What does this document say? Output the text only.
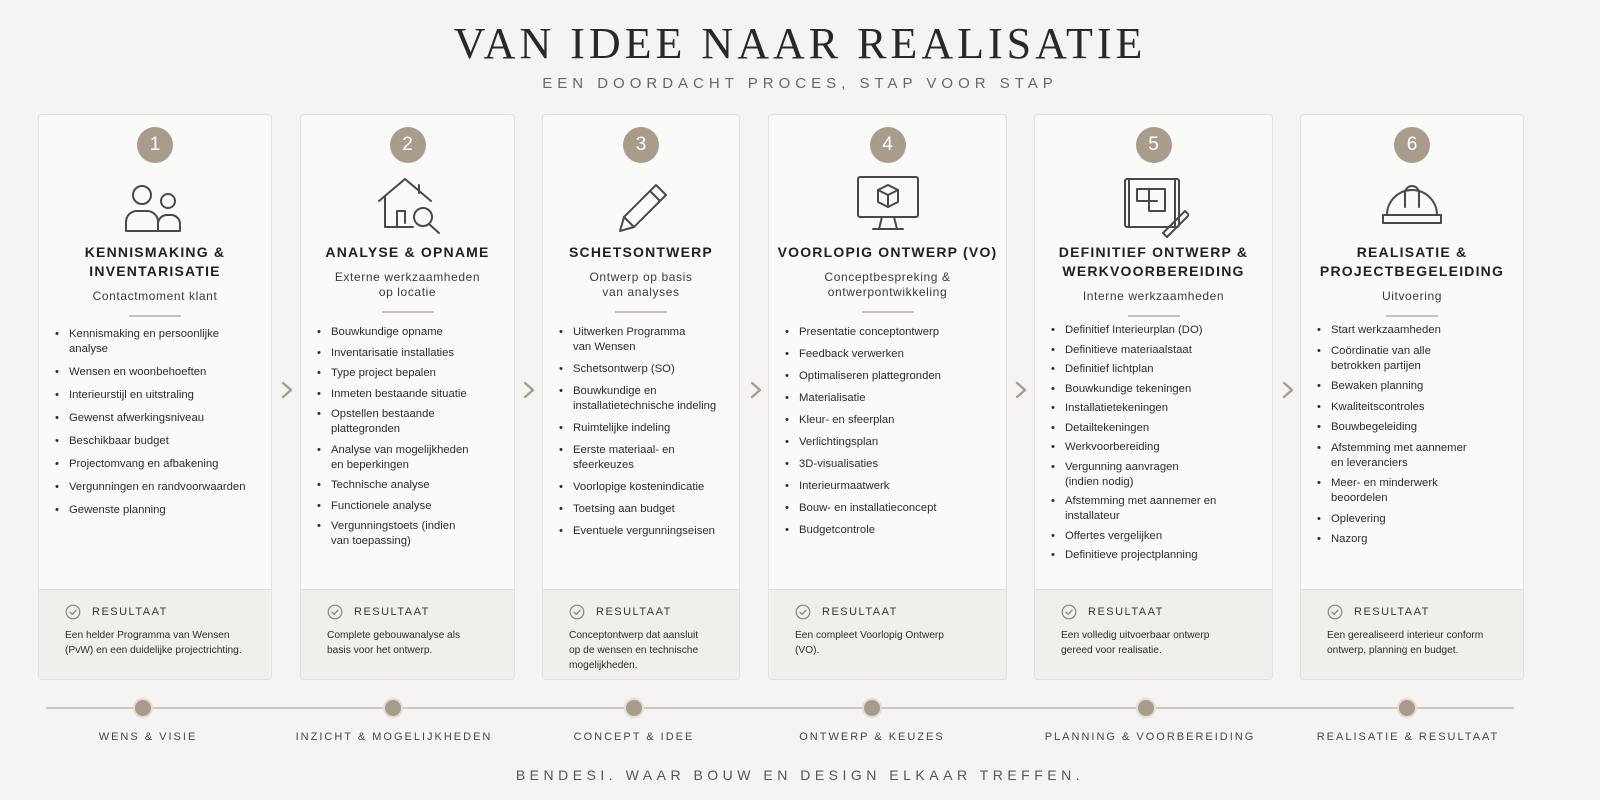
VAN IDEE NAAR REALISATIE
EEN DOORDACHT PROCES, STAP VOOR STAP
1
KENNISMAKING &
INVENTARISATIE
Contactmoment klant
• Kennismaking en persoonlijke analyse
• Wensen en woonbehoeften
• Interieurstijl en uitstraling
• Gewenst afwerkingsniveau
• Beschikbaar budget
• Projectomvang en afbakening
• Vergunningen en randvoorwaarden
• Gewenste planning
RESULTAAT
Een helder Programma van Wensen
(PvW) en een duidelijke projectrichting.
2
ANALYSE & OPNAME
Externe werkzaamheden
op locatie
• Bouwkundige opname
• Inventarisatie installaties
• Type project bepalen
• Inmeten bestaande situatie
• Opstellen bestaande
plattegronden
• Analyse van mogelijkheden
en beperkingen
• Technische analyse
• Functionele analyse
• Vergunningstoets (indien
van toepassing)
RESULTAAT
Complete gebouwanalyse als
basis voor het ontwerp.
3
SCHETSONTWERP
Ontwerp op basis
van analyses
• Uitwerken Programma
van Wensen
• Schetsontwerp (SO)
• Bouwkundige en
installatietechnische indeling
• Ruimtelijke indeling
• Eerste materiaal- en
sfeerkeuzes
• Voorlopige kostenindicatie
• Toetsing aan budget
• Eventuele vergunningseisen
RESULTAAT
Conceptontwerp dat aansluit
op de wensen en technische
mogelijkheden.
4
VOORLOPIG ONTWERP (VO)
Conceptbespreking &
ontwerpontwikkeling
• Presentatie conceptontwerp
• Feedback verwerken
• Optimaliseren plattegronden
• Materialisatie
• Kleur- en sfeerplan
• Verlichtingsplan
• 3D-visualisaties
• Interieurmaatwerk
• Bouw- en installatieconcept
• Budgetcontrole
RESULTAAT
Een compleet Voorlopig Ontwerp
(VO).
5
DEFINITIEF ONTWERP &
WERKVOORBEREIDING
Interne werkzaamheden
• Definitief Interieurplan (DO)
• Definitieve materiaalstaat
• Definitief lichtplan
• Bouwkundige tekeningen
• Installatietekeningen
• Detailtekeningen
• Werkvoorbereiding
• Vergunning aanvragen
(indien nodig)
• Afstemming met aannemer en
installateur
• Offertes vergelijken
• Definitieve projectplanning
RESULTAAT
Een volledig uitvoerbaar ontwerp
gereed voor realisatie.
6
REALISATIE &
PROJECTBEGELEIDING
Uitvoering
• Start werkzaamheden
• Coördinatie van alle
betrokken partijen
• Bewaken planning
• Kwaliteitscontroles
• Bouwbegeleiding
• Afstemming met aannemer
en leveranciers
• Meer- en minderwerk
beoordelen
• Oplevering
• Nazorg
RESULTAAT
Een gerealiseerd interieur conform
ontwerp, planning en budget.
WENS & VISIE	INZICHT & MOGELIJKHEDEN	CONCEPT & IDEE	ONTWERP & KEUZES	PLANNING & VOORBEREIDING	REALISATIE & RESULTAAT
BENDESI. WAAR BOUW EN DESIGN ELKAAR TREFFEN.
